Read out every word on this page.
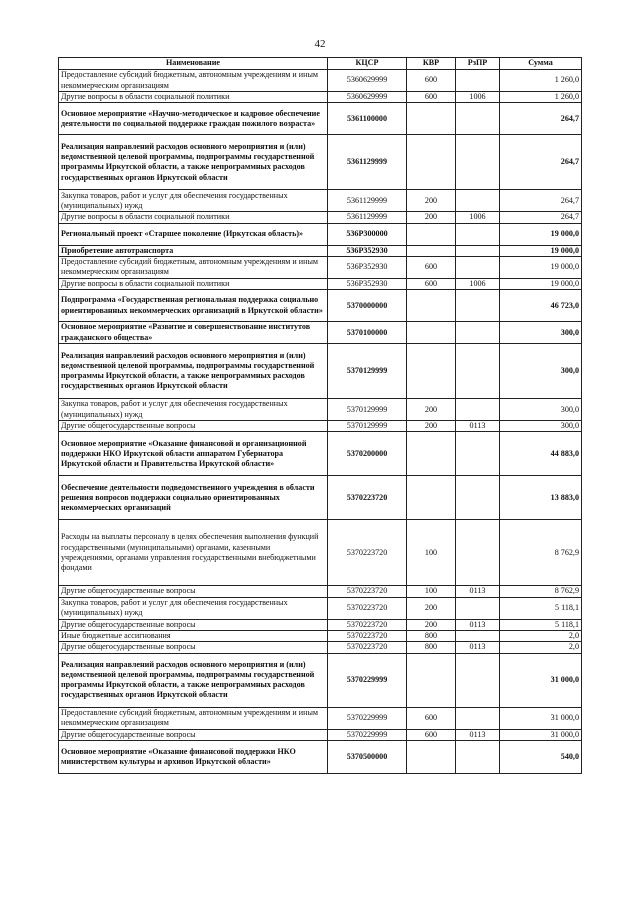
42
Наименование	КЦСР	КВР	РзПР	Сумма
Предоставление субсидий бюджетным, автономным учреждениям и иным некоммерческим организациям	5360629999	600		1 260,0
Другие вопросы в области социальной политики	5360629999	600	1006	1 260,0
Основное мероприятие «Научно-методическое и кадровое обеспечение деятельности по социальной поддержке граждан пожилого возраста»	5361100000			264,7
Реализация направлений расходов основного мероприятия и (или) ведомственной целевой программы, подпрограммы государственной программы Иркутской области, а также непрограммных расходов государственных органов Иркутской области	5361129999			264,7
Закупка товаров, работ и услуг для обеспечения государственных (муниципальных) нужд	5361129999	200		264,7
Другие вопросы в области социальной политики	5361129999	200	1006	264,7
Региональный проект «Старшее поколение (Иркутская область)»	536P300000			19 000,0
Приобретение автотранспорта	536P352930			19 000,0
Предоставление субсидий бюджетным, автономным учреждениям и иным некоммерческим организациям	536P352930	600		19 000,0
Другие вопросы в области социальной политики	536P352930	600	1006	19 000,0
Подпрограмма «Государственная региональная поддержка социально ориентированных некоммерческих организаций в Иркутской области»	5370000000			46 723,0
Основное мероприятие «Развитие и совершенствование институтов гражданского общества»	5370100000			300,0
Реализация направлений расходов основного мероприятия и (или) ведомственной целевой программы, подпрограммы государственной программы Иркутской области, а также непрограммных расходов государственных органов Иркутской области	5370129999			300,0
Закупка товаров, работ и услуг для обеспечения государственных (муниципальных) нужд	5370129999	200		300,0
Другие общегосударственные вопросы	5370129999	200	0113	300,0
Основное мероприятие «Оказание финансовой и организационной поддержки НКО Иркутской области аппаратом Губернатора Иркутской области и Правительства Иркутской области»	5370200000			44 883,0
Обеспечение деятельности подведомственного учреждения в области решения вопросов поддержки социально ориентированных некоммерческих организаций	5370223720			13 883,0
Расходы на выплаты персоналу в целях обеспечения выполнения функций государственными (муниципальными) органами, казенными учреждениями, органами управления государственными внебюджетными фондами	5370223720	100		8 762,9
Другие общегосударственные вопросы	5370223720	100	0113	8 762,9
Закупка товаров, работ и услуг для обеспечения государственных (муниципальных) нужд	5370223720	200		5 118,1
Другие общегосударственные вопросы	5370223720	200	0113	5 118,1
Иные бюджетные ассигнования	5370223720	800		2,0
Другие общегосударственные вопросы	5370223720	800	0113	2,0
Реализация направлений расходов основного мероприятия и (или) ведомственной целевой программы, подпрограммы государственной программы Иркутской области, а также непрограммных расходов государственных органов Иркутской области	5370229999			31 000,0
Предоставление субсидий бюджетным, автономным учреждениям и иным некоммерческим организациям	5370229999	600		31 000,0
Другие общегосударственные вопросы	5370229999	600	0113	31 000,0
Основное мероприятие «Оказание финансовой поддержки НКО министерством культуры и архивов Иркутской области»	5370500000			540,0
